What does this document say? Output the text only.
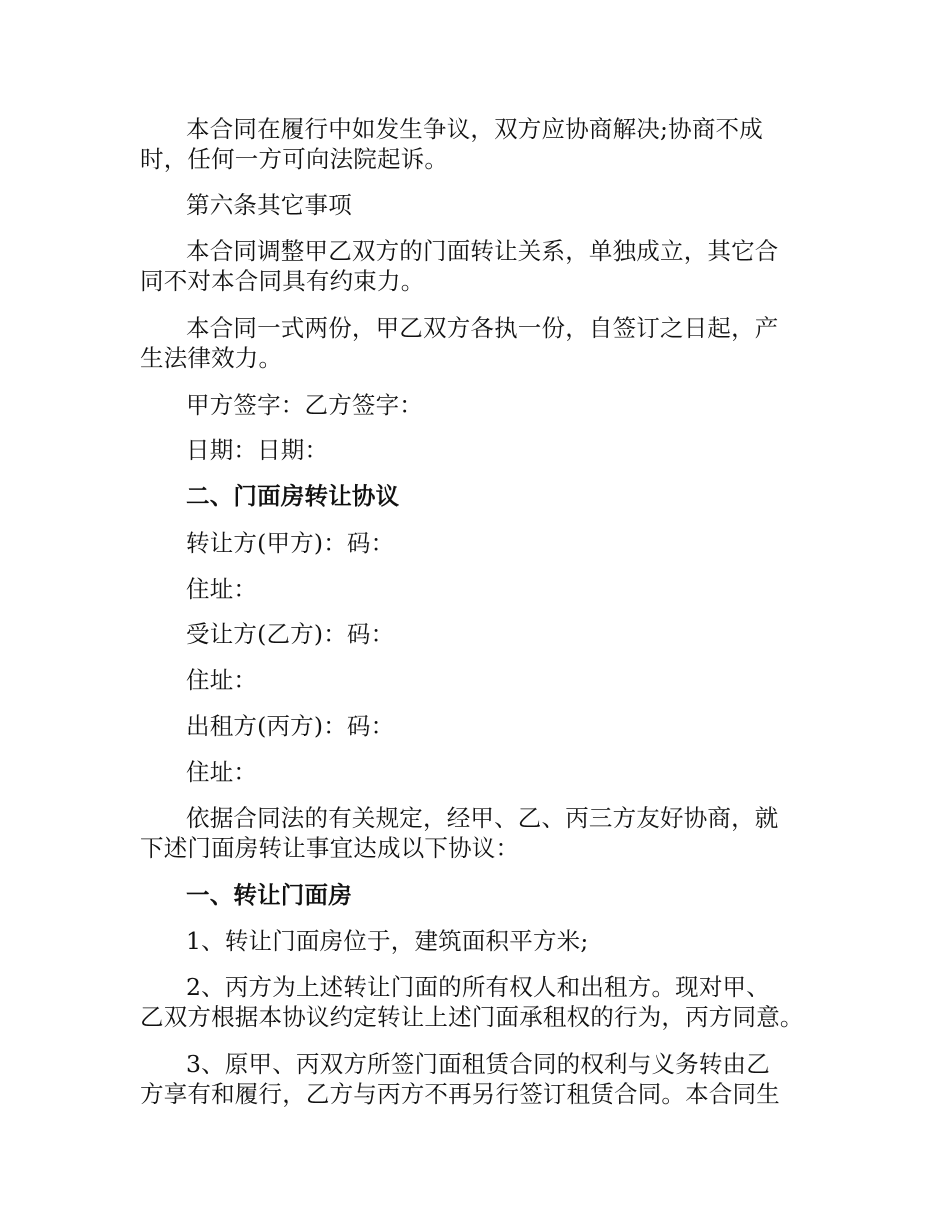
本合同在履行中如发生争议，双方应协商解决;协商不成
时，任何一方可向法院起诉。
第六条其它事项
本合同调整甲乙双方的门面转让关系，单独成立，其它合
同不对本合同具有约束力。
本合同一式两份，甲乙双方各执一份，自签订之日起，产
生法律效力。
甲方签字：乙方签字：
日期：日期：
二、门面房转让协议
转让方(甲方)：码：
住址：
受让方(乙方)：码：
住址：
出租方(丙方)：码：
住址：
依据合同法的有关规定，经甲、乙、丙三方友好协商，就
下述门面房转让事宜达成以下协议：
一、转让门面房
1、转让门面房位于，建筑面积平方米;
2、丙方为上述转让门面的所有权人和出租方。现对甲、
乙双方根据本协议约定转让上述门面承租权的行为，丙方同意。
3、原甲、丙双方所签门面租赁合同的权利与义务转由乙
方享有和履行，乙方与丙方不再另行签订租赁合同。本合同生
